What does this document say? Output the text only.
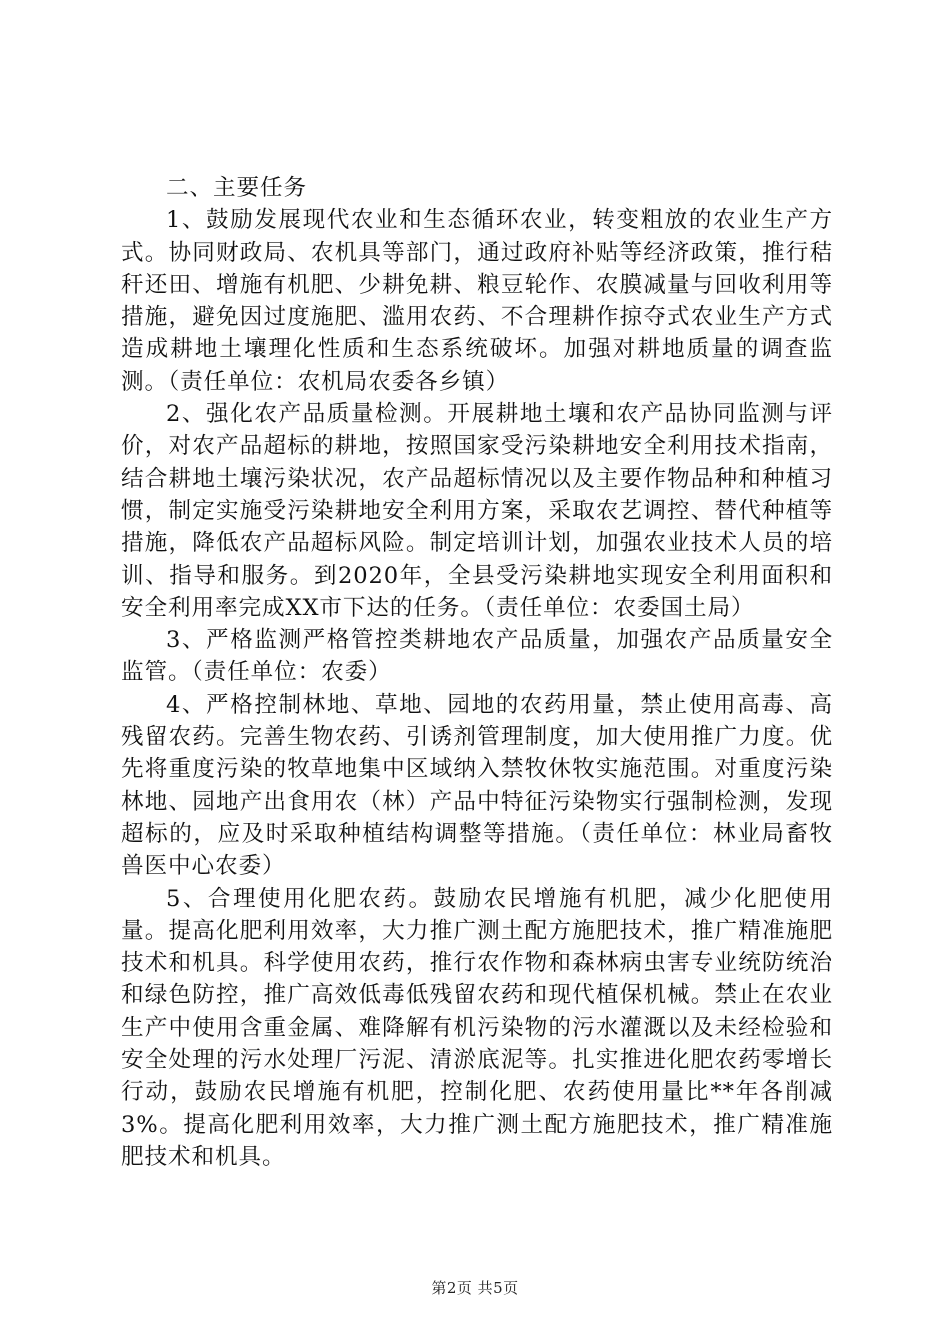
二、主要任务

1、鼓励发展现代农业和生态循环农业，转变粗放的农业生产方式。协同财政局、农机具等部门，通过政府补贴等经济政策，推行秸秆还田、增施有机肥、少耕免耕、粮豆轮作、农膜减量与回收利用等措施，避免因过度施肥、滥用农药、不合理耕作掠夺式农业生产方式造成耕地土壤理化性质和生态系统破坏。加强对耕地质量的调查监测。（责任单位：农机局农委各乡镇）

2、强化农产品质量检测。开展耕地土壤和农产品协同监测与评价，对农产品超标的耕地，按照国家受污染耕地安全利用技术指南，结合耕地土壤污染状况，农产品超标情况以及主要作物品种和种植习惯，制定实施受污染耕地安全利用方案，采取农艺调控、替代种植等措施，降低农产品超标风险。制定培训计划，加强农业技术人员的培训、指导和服务。到2020年，全县受污染耕地实现安全利用面积和安全利用率完成XX市下达的任务。（责任单位：农委国土局）

3、严格监测严格管控类耕地农产品质量，加强农产品质量安全监管。（责任单位：农委）

4、严格控制林地、草地、园地的农药用量，禁止使用高毒、高残留农药。完善生物农药、引诱剂管理制度，加大使用推广力度。优先将重度污染的牧草地集中区域纳入禁牧休牧实施范围。对重度污染林地、园地产出食用农（林）产品中特征污染物实行强制检测，发现超标的，应及时采取种植结构调整等措施。（责任单位：林业局畜牧兽医中心农委）

5、合理使用化肥农药。鼓励农民增施有机肥，减少化肥使用量。提高化肥利用效率，大力推广测土配方施肥技术，推广精准施肥技术和机具。科学使用农药，推行农作物和森林病虫害专业统防统治和绿色防控，推广高效低毒低残留农药和现代植保机械。禁止在农业生产中使用含重金属、难降解有机污染物的污水灌溉以及未经检验和安全处理的污水处理厂污泥、清淤底泥等。扎实推进化肥农药零增长行动，鼓励农民增施有机肥，控制化肥、农药使用量比**年各削减3%。提高化肥利用效率，大力推广测土配方施肥技术，推广精准施肥技术和机具。

第2页 共5页
